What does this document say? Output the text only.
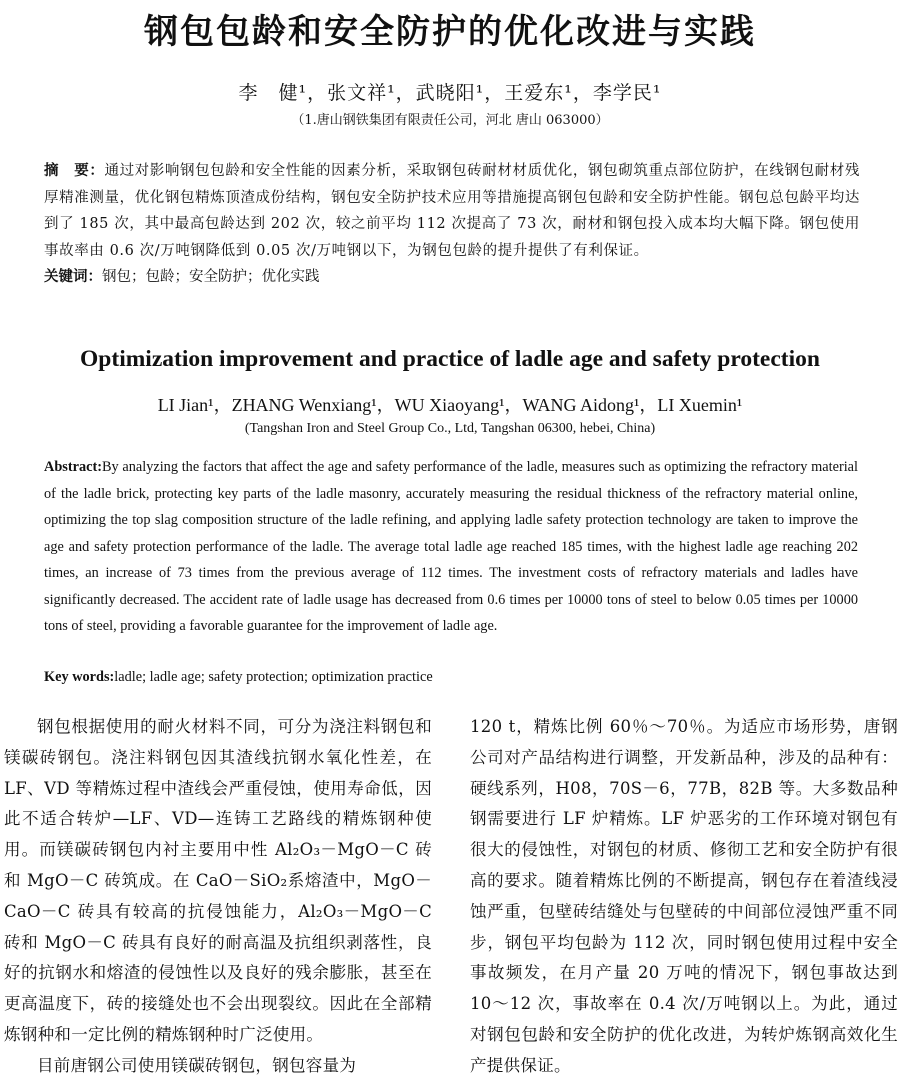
钢包包龄和安全防护的优化改进与实践
李　健¹，张文祥¹，武晓阳¹，王爱东¹，李学民¹
（1.唐山钢铁集团有限责任公司，河北 唐山 063000）
摘　要：通过对影响钢包包龄和安全性能的因素分析，采取钢包砖耐材材质优化，钢包砌筑重点部位防护，在线钢包耐材残厚精准测量，优化钢包精炼顶渣成份结构，钢包安全防护技术应用等措施提高钢包包龄和安全防护性能。钢包总包龄平均达到了 185 次，其中最高包龄达到 202 次，较之前平均 112 次提高了 73 次，耐材和钢包投入成本均大幅下降。钢包使用事故率由 0.6 次/万吨钢降低到 0.05 次/万吨钢以下，为钢包包龄的提升提供了有利保证。
关键词：钢包；包龄；安全防护；优化实践
Optimization improvement and practice of ladle age and safety protection
LI Jian¹，ZHANG Wenxiang¹，WU Xiaoyang¹，WANG Aidong¹，LI Xuemin¹
(Tangshan Iron and Steel Group Co., Ltd, Tangshan 06300, hebei, China)
Abstract:By analyzing the factors that affect the age and safety performance of the ladle, measures such as optimizing the refractory material of the ladle brick, protecting key parts of the ladle masonry, accurately measuring the residual thickness of the refractory material online, optimizing the top slag composition structure of the ladle refining, and applying ladle safety protection technology are taken to improve the age and safety protection performance of the ladle. The average total ladle age reached 185 times, with the highest ladle age reaching 202 times, an increase of 73 times from the previous average of 112 times. The investment costs of refractory materials and ladles have significantly decreased. The accident rate of ladle usage has decreased from 0.6 times per 10000 tons of steel to below 0.05 times per 10000 tons of steel, providing a favorable guarantee for the improvement of ladle age.
Key words:ladle; ladle age; safety protection; optimization practice

钢包根据使用的耐火材料不同，可分为浇注料钢包和镁碳砖钢包。浇注料钢包因其渣线抗钢水氧化性差，在 LF、VD 等精炼过程中渣线会严重侵蚀，使用寿命低，因此不适合转炉—LF、VD—连铸工艺路线的精炼钢种使用。而镁碳砖钢包内衬主要用中性 Al₂O₃－MgO－C 砖和 MgO－C 砖筑成。在 CaO－SiO₂系熔渣中，MgO－CaO－C 砖具有较高的抗侵蚀能力，Al₂O₃－MgO－C 砖和 MgO－C 砖具有良好的耐高温及抗组织剥落性，良好的抗钢水和熔渣的侵蚀性以及良好的残余膨胀，甚至在更高温度下，砖的接缝处也不会出现裂纹。因此在全部精炼钢种和一定比例的精炼钢种时广泛使用。

目前唐钢公司使用镁碳砖钢包，钢包容量为

120 t，精炼比例 60％～70％。为适应市场形势，唐钢公司对产品结构进行调整，开发新品种，涉及的品种有：硬线系列，H08，70S－6，77B，82B 等。大多数品种钢需要进行 LF 炉精炼。LF 炉恶劣的工作环境对钢包有很大的侵蚀性，对钢包的材质、修彻工艺和安全防护有很高的要求。随着精炼比例的不断提高，钢包存在着渣线浸蚀严重，包壁砖结缝处与包壁砖的中间部位浸蚀严重不同步，钢包平均包龄为 112 次，同时钢包使用过程中安全事故频发，在月产量 20 万吨的情况下，钢包事故达到 10～12 次，事故率在 0.4 次/万吨钢以上。为此，通过对钢包包龄和安全防护的优化改进，为转炉炼钢高效化生产提供保证。
